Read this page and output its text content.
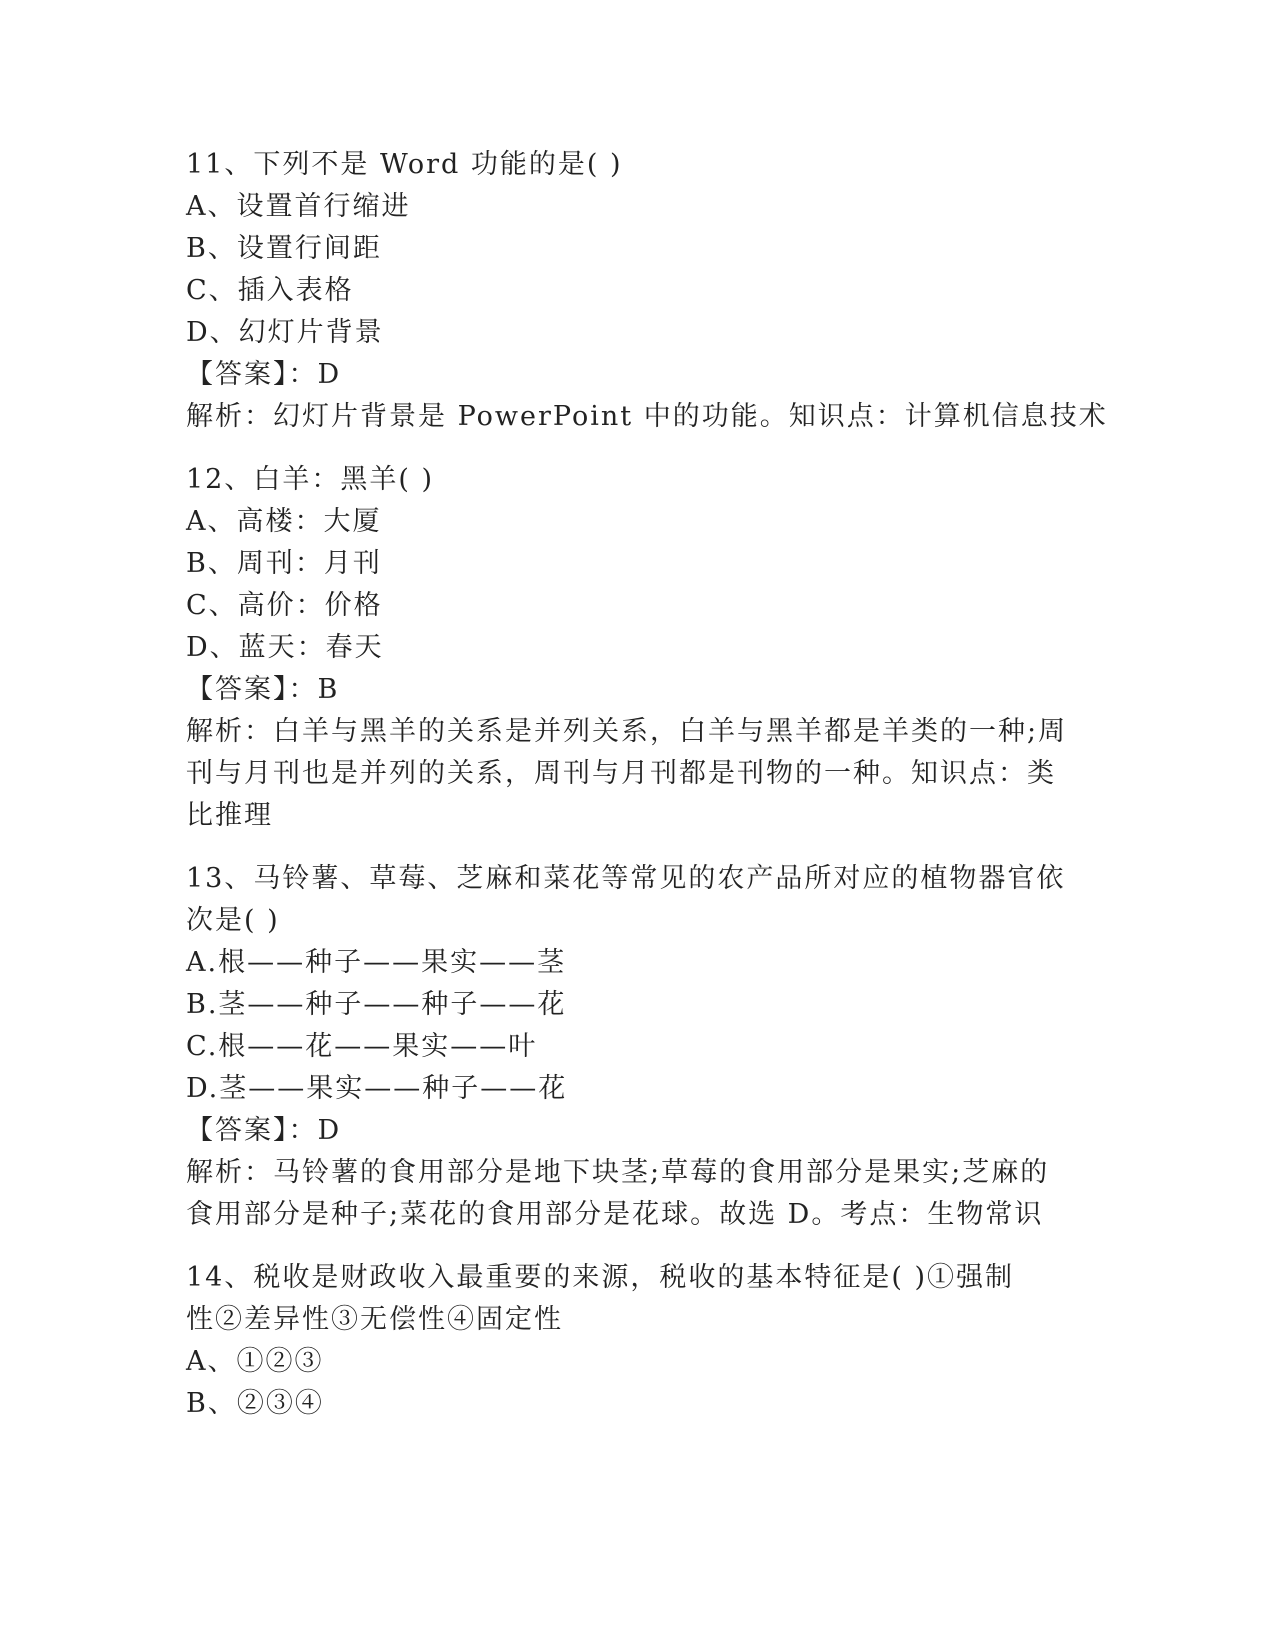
11、下列不是 Word 功能的是( )
A、设置首行缩进
B、设置行间距
C、插入表格
D、幻灯片背景
【答案】：D
解析：幻灯片背景是 PowerPoint 中的功能。知识点：计算机信息技术
12、白羊：黑羊( )
A、高楼：大厦
B、周刊：月刊
C、高价：价格
D、蓝天：春天
【答案】：B
解析：白羊与黑羊的关系是并列关系，白羊与黑羊都是羊类的一种;周
刊与月刊也是并列的关系，周刊与月刊都是刊物的一种。知识点：类
比推理
13、马铃薯、草莓、芝麻和菜花等常见的农产品所对应的植物器官依
次是( )
A.根——种子——果实——茎
B.茎——种子——种子——花
C.根——花——果实——叶
D.茎——果实——种子——花
【答案】：D
解析：马铃薯的食用部分是地下块茎;草莓的食用部分是果实;芝麻的
食用部分是种子;菜花的食用部分是花球。故选 D。考点：生物常识
14、税收是财政收入最重要的来源，税收的基本特征是( )①强制
性②差异性③无偿性④固定性
A、①②③
B、②③④
